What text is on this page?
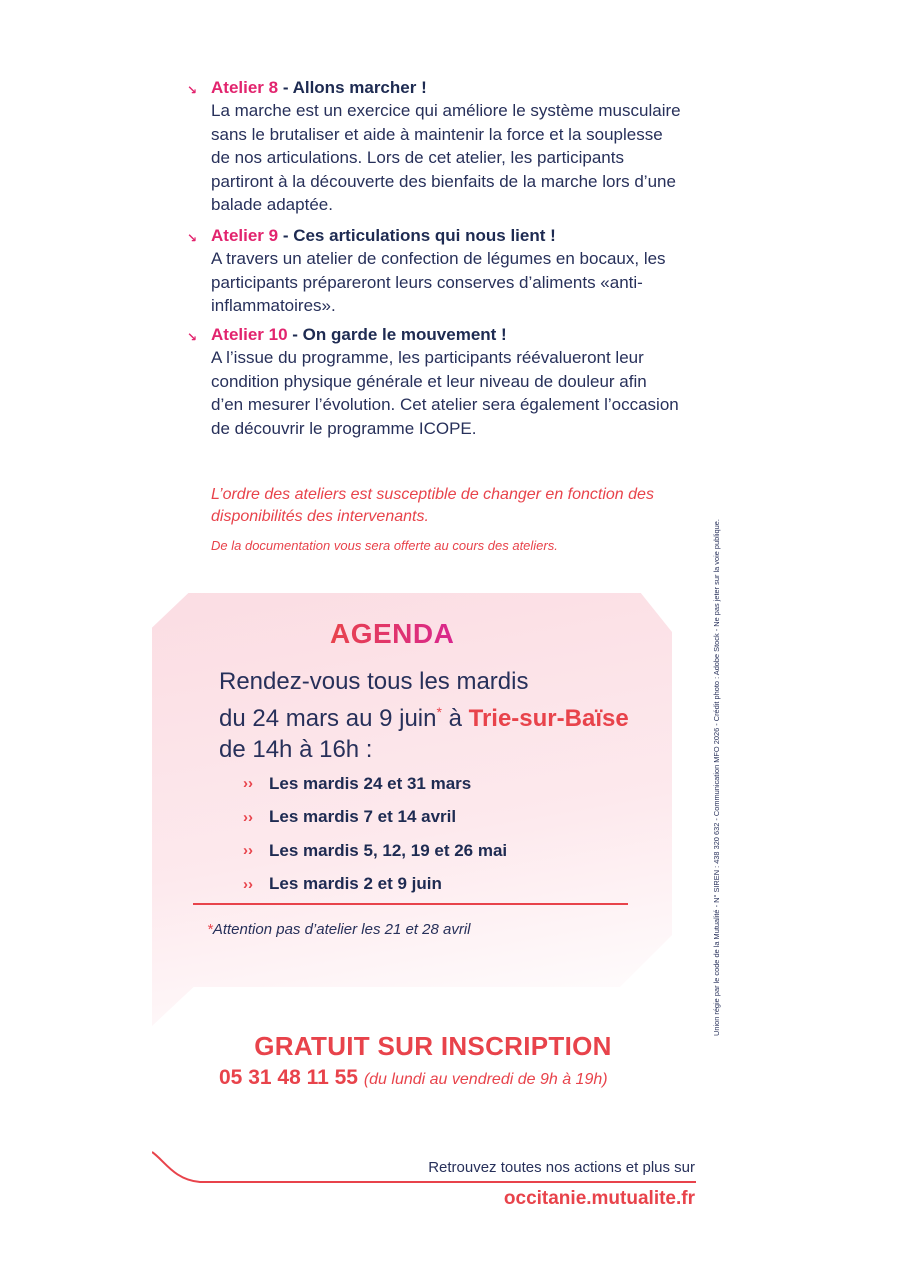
↘ Atelier 8 - Allons marcher !
La marche est un exercice qui améliore le système musculaire sans le brutaliser et aide à maintenir la force et la souplesse de nos articulations. Lors de cet atelier, les participants partiront à la découverte des bienfaits de la marche lors d’une balade adaptée.
↘ Atelier 9 - Ces articulations qui nous lient !
A travers un atelier de confection de légumes en bocaux, les participants prépareront leurs conserves d’aliments «anti-inflammatoires».
↘ Atelier 10 - On garde le mouvement !
A l’issue du programme, les participants réévalueront leur condition physique générale et leur niveau de douleur afin d’en mesurer l’évolution. Cet atelier sera également l’occasion de découvrir le programme ICOPE.
L’ordre des ateliers est susceptible de changer en fonction des disponibilités des intervenants.
De la documentation vous sera offerte au cours des ateliers.
AGENDA
Rendez-vous tous les mardis
du 24 mars au 9 juin* à Trie-sur-Baïse
de 14h à 16h :
›› Les mardis 24 et 31 mars
›› Les mardis 7 et 14 avril
›› Les mardis 5, 12, 19 et 26 mai
›› Les mardis 2 et 9 juin
*Attention pas d’atelier les 21 et 28 avril
GRATUIT SUR INSCRIPTION
05 31 48 11 55 (du lundi au vendredi de 9h à 19h)
Retrouvez toutes nos actions et plus sur
occitanie.mutualite.fr
Union régie par le code de la Mutualité - N° SIREN : 438 320 632 - Communication MFO 2026 - Crédit photo : Adobe Stock - Ne pas jeter sur la voie publique.
